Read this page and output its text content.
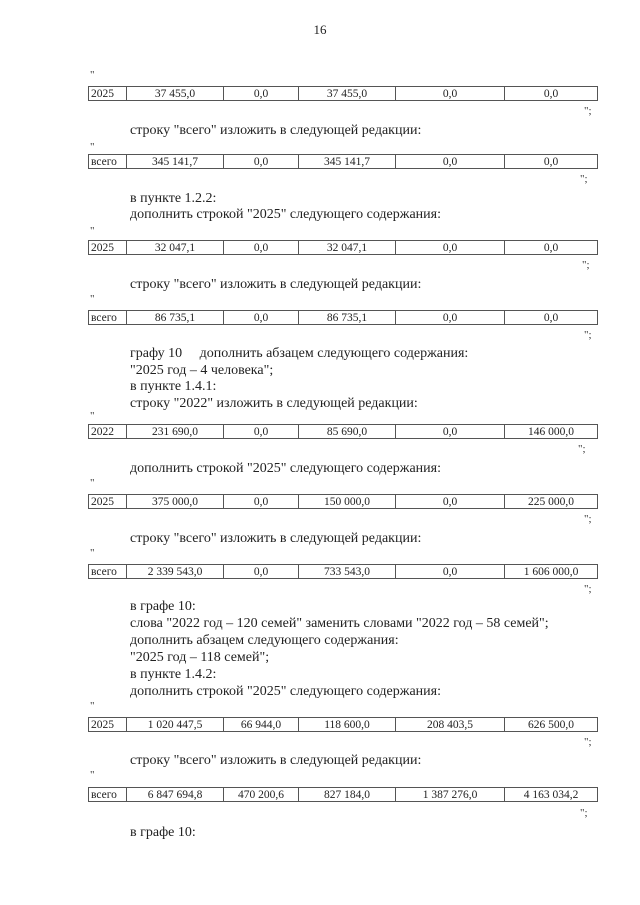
16
"
2025	37 455,0	0,0	37 455,0	0,0	0,0
";
строку "всего" изложить в следующей редакции:
"
всего	345 141,7	0,0	345 141,7	0,0	0,0
";
в пункте 1.2.2:
дополнить строкой "2025" следующего содержания:
"
2025	32 047,1	0,0	32 047,1	0,0	0,0
";
строку "всего" изложить в следующей редакции:
"
всего	86 735,1	0,0	86 735,1	0,0	0,0
";
графу 10     дополнить абзацем следующего содержания:
"2025 год – 4 человека";
в пункте 1.4.1:
строку "2022" изложить в следующей редакции:
"
2022	231 690,0	0,0	85 690,0	0,0	146 000,0
";
дополнить строкой "2025" следующего содержания:
"
2025	375 000,0	0,0	150 000,0	0,0	225 000,0
";
строку "всего" изложить в следующей редакции:
"
всего	2 339 543,0	0,0	733 543,0	0,0	1 606 000,0
";
в графе 10:
слова "2022 год – 120 семей" заменить словами "2022 год – 58 семей";
дополнить абзацем следующего содержания:
"2025 год – 118 семей";
в пункте 1.4.2:
дополнить строкой "2025" следующего содержания:
"
2025	1 020 447,5	66 944,0	118 600,0	208 403,5	626 500,0
";
строку "всего" изложить в следующей редакции:
"
всего	6 847 694,8	470 200,6	827 184,0	1 387 276,0	4 163 034,2
";
в графе 10:
